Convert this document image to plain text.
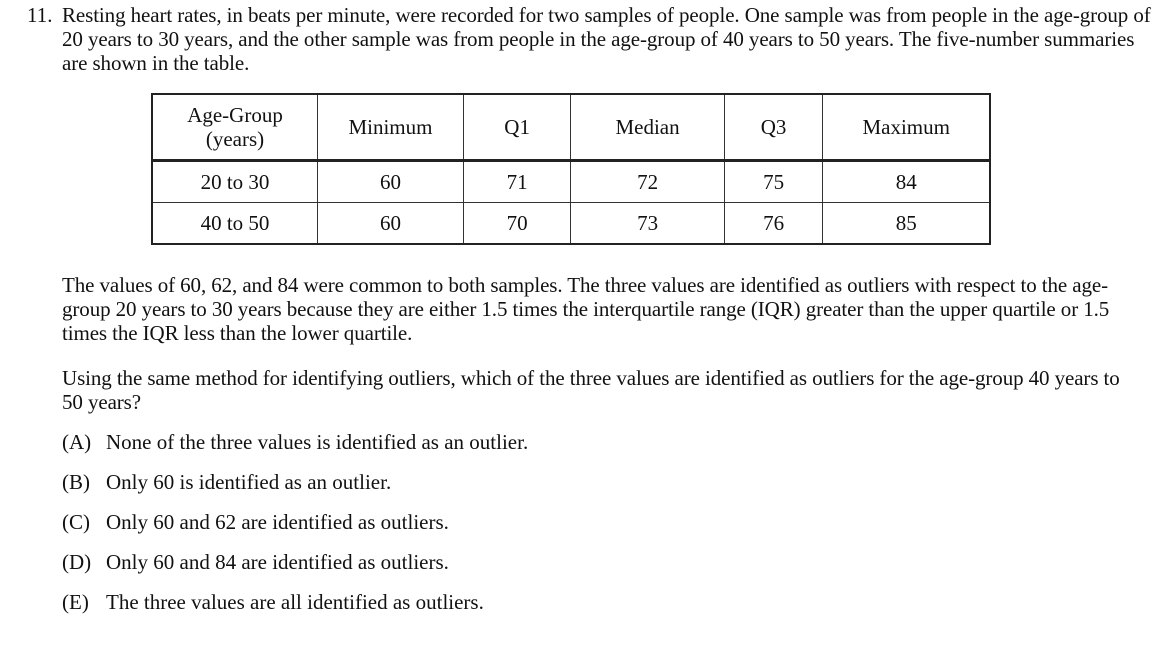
11. Resting heart rates, in beats per minute, were recorded for two samples of people. One sample was from people in the age-group of 20 years to 30 years, and the other sample was from people in the age-group of 40 years to 50 years. The five-number summaries are shown in the table.
Age-Group
(years)	Minimum	Q1	Median	Q3	Maximum
20 to 30	60	71	72	75	84
40 to 50	60	70	73	76	85
The values of 60, 62, and 84 were common to both samples. The three values are identified as outliers with respect to the age-group 20 years to 30 years because they are either 1.5 times the interquartile range (IQR) greater than the upper quartile or 1.5 times the IQR less than the lower quartile.
Using the same method for identifying outliers, which of the three values are identified as outliers for the age-group 40 years to 50 years?
(A) None of the three values is identified as an outlier.
(B) Only 60 is identified as an outlier.
(C) Only 60 and 62 are identified as outliers.
(D) Only 60 and 84 are identified as outliers.
(E) The three values are all identified as outliers.
